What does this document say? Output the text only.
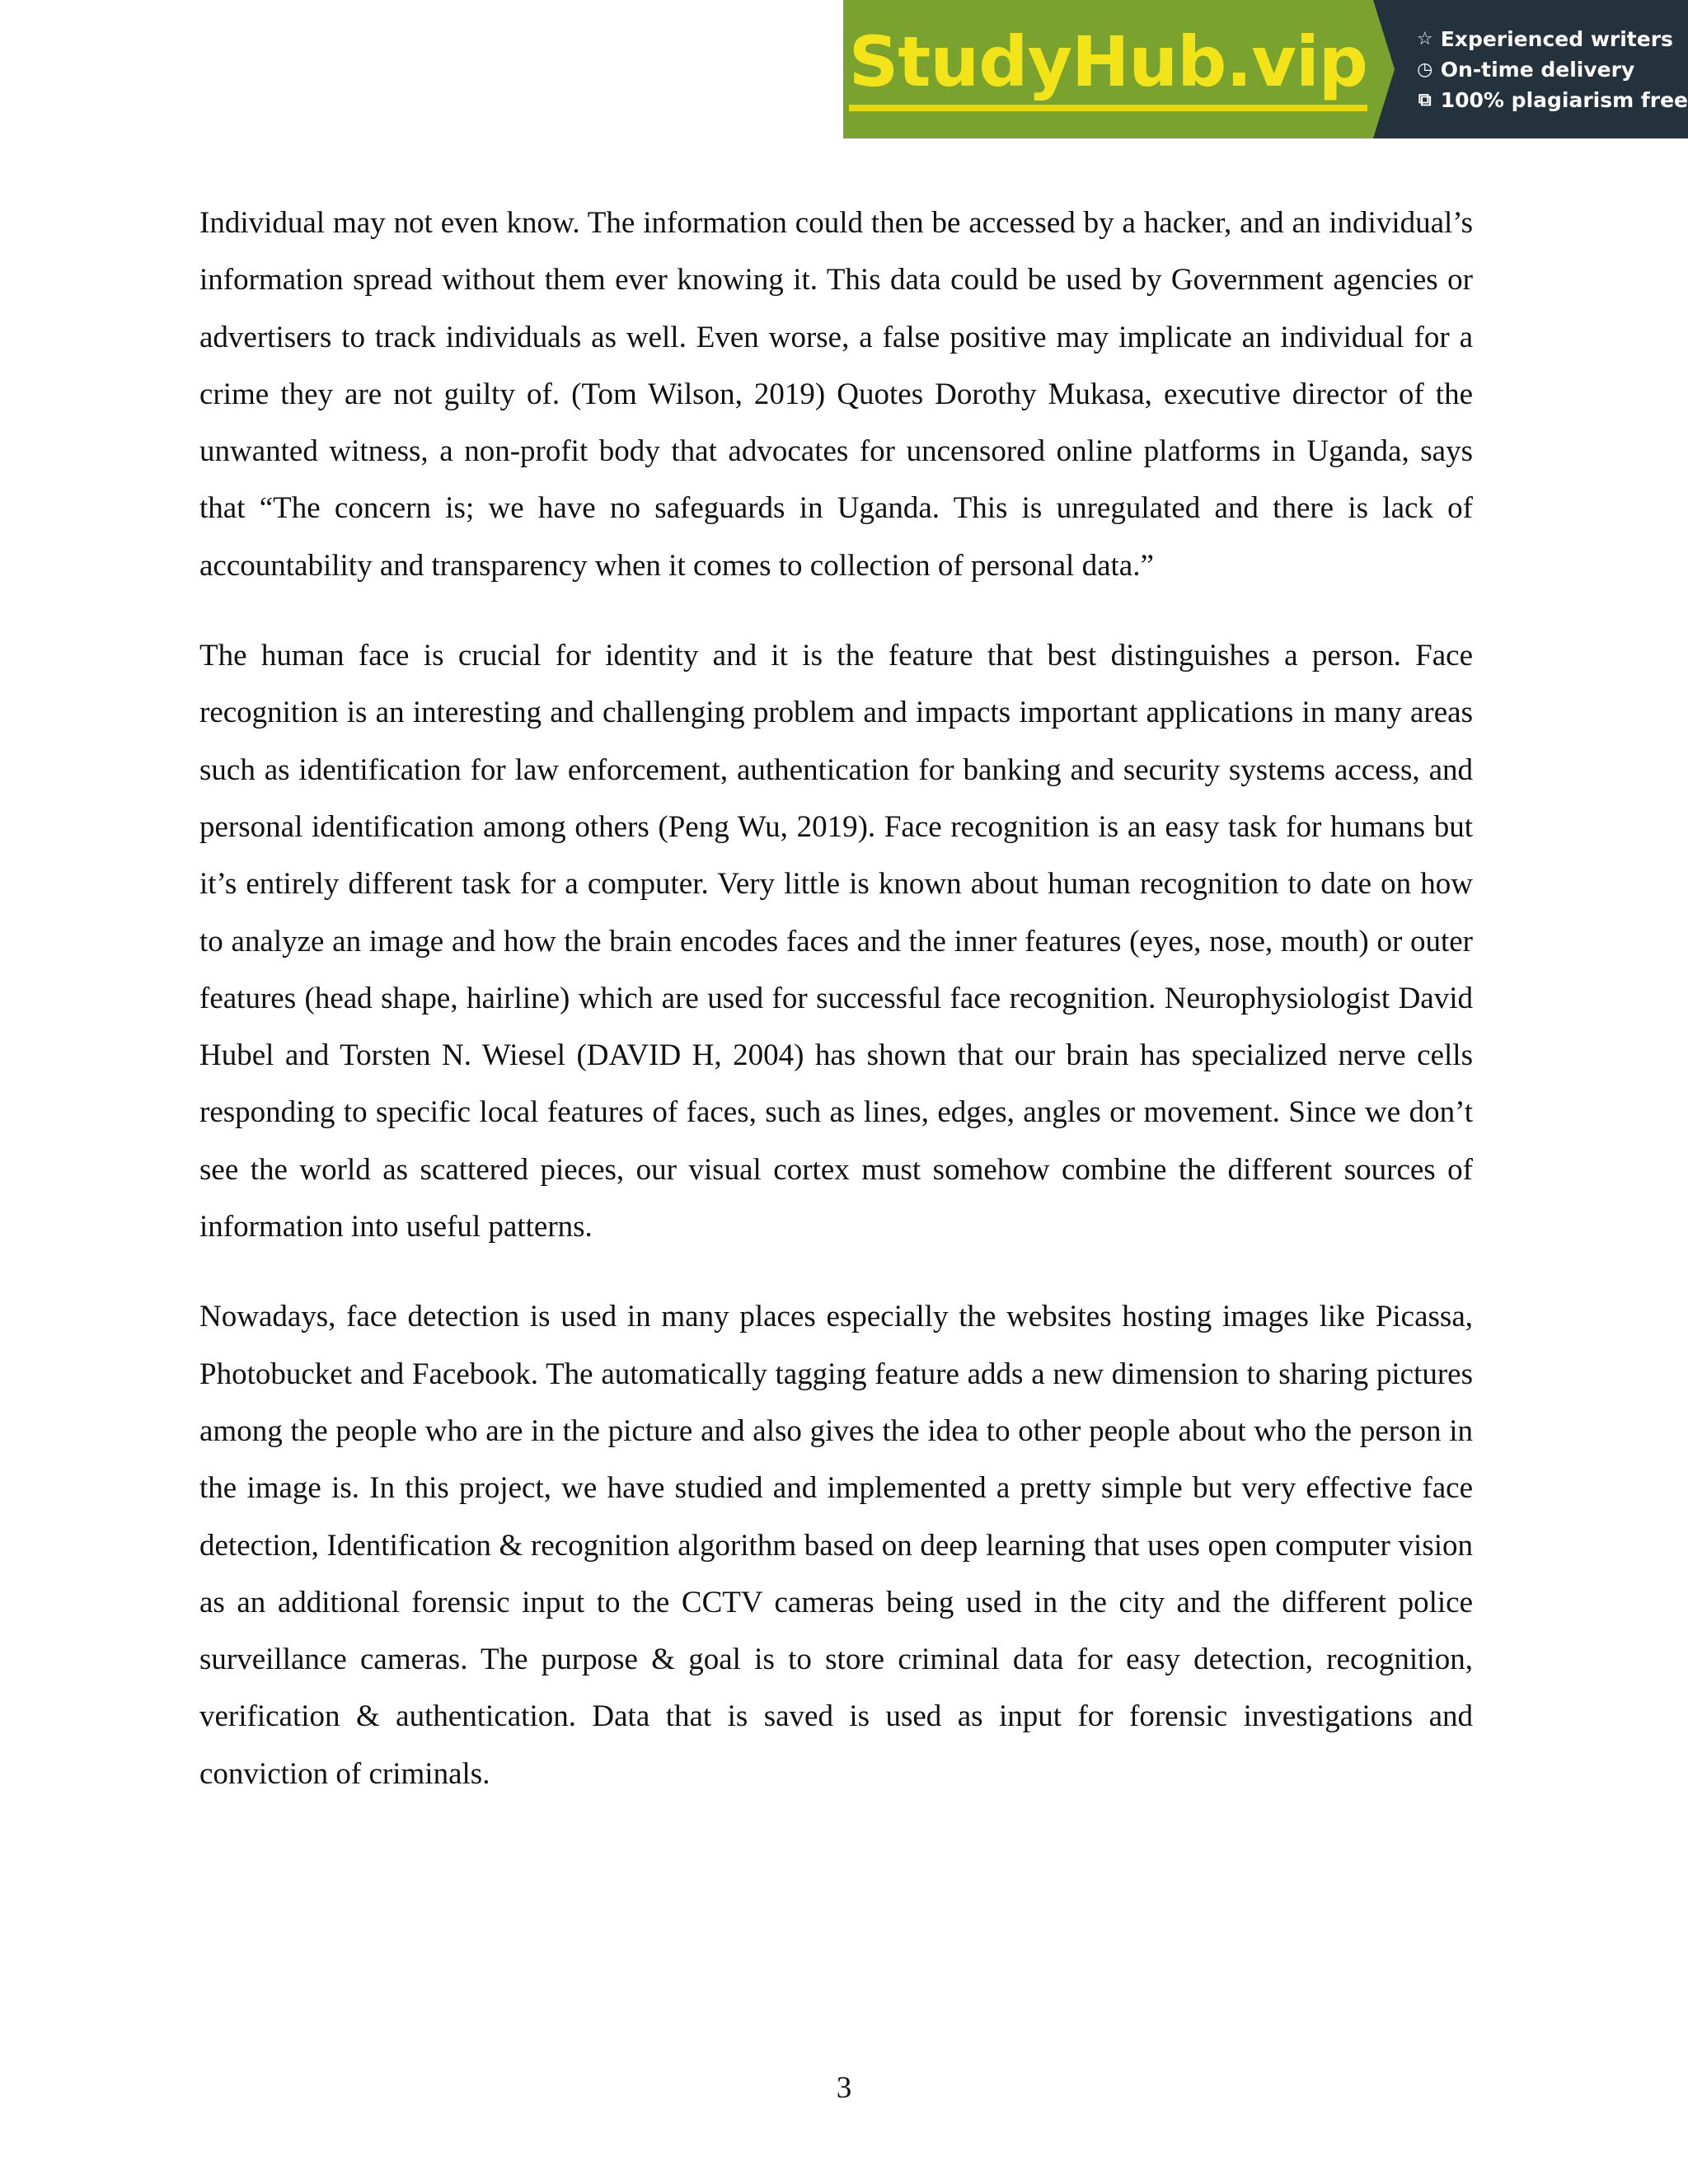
StudyHub.vip	☆ Experienced writers
◷ On-time delivery
⧉ 100% plagiarism free

Individual may not even know. The information could then be accessed by a hacker, and an individual’s information spread without them ever knowing it. This data could be used by Government agencies or advertisers to track individuals as well. Even worse, a false positive may implicate an individual for a crime they are not guilty of. (Tom Wilson, 2019) Quotes Dorothy Mukasa, executive director of the unwanted witness, a non-profit body that advocates for uncensored online platforms in Uganda, says that “The concern is; we have no safeguards in Uganda. This is unregulated and there is lack of accountability and transparency when it comes to collection of personal data.”

The human face is crucial for identity and it is the feature that best distinguishes a person. Face recognition is an interesting and challenging problem and impacts important applications in many areas such as identification for law enforcement, authentication for banking and security systems access, and personal identification among others (Peng Wu, 2019). Face recognition is an easy task for humans but it’s entirely different task for a computer. Very little is known about human recognition to date on how to analyze an image and how the brain encodes faces and the inner features (eyes, nose, mouth) or outer features (head shape, hairline) which are used for successful face recognition. Neurophysiologist David Hubel and Torsten N. Wiesel (DAVID H, 2004) has shown that our brain has specialized nerve cells responding to specific local features of faces, such as lines, edges, angles or movement. Since we don’t see the world as scattered pieces, our visual cortex must somehow combine the different sources of information into useful patterns.

Nowadays, face detection is used in many places especially the websites hosting images like Picassa, Photobucket and Facebook. The automatically tagging feature adds a new dimension to sharing pictures among the people who are in the picture and also gives the idea to other people about who the person in the image is. In this project, we have studied and implemented a pretty simple but very effective face detection, Identification & recognition algorithm based on deep learning that uses open computer vision as an additional forensic input to the CCTV cameras being used in the city and the different police surveillance cameras. The purpose & goal is to store criminal data for easy detection, recognition, verification & authentication. Data that is saved is used as input for forensic investigations and conviction of criminals.

3
